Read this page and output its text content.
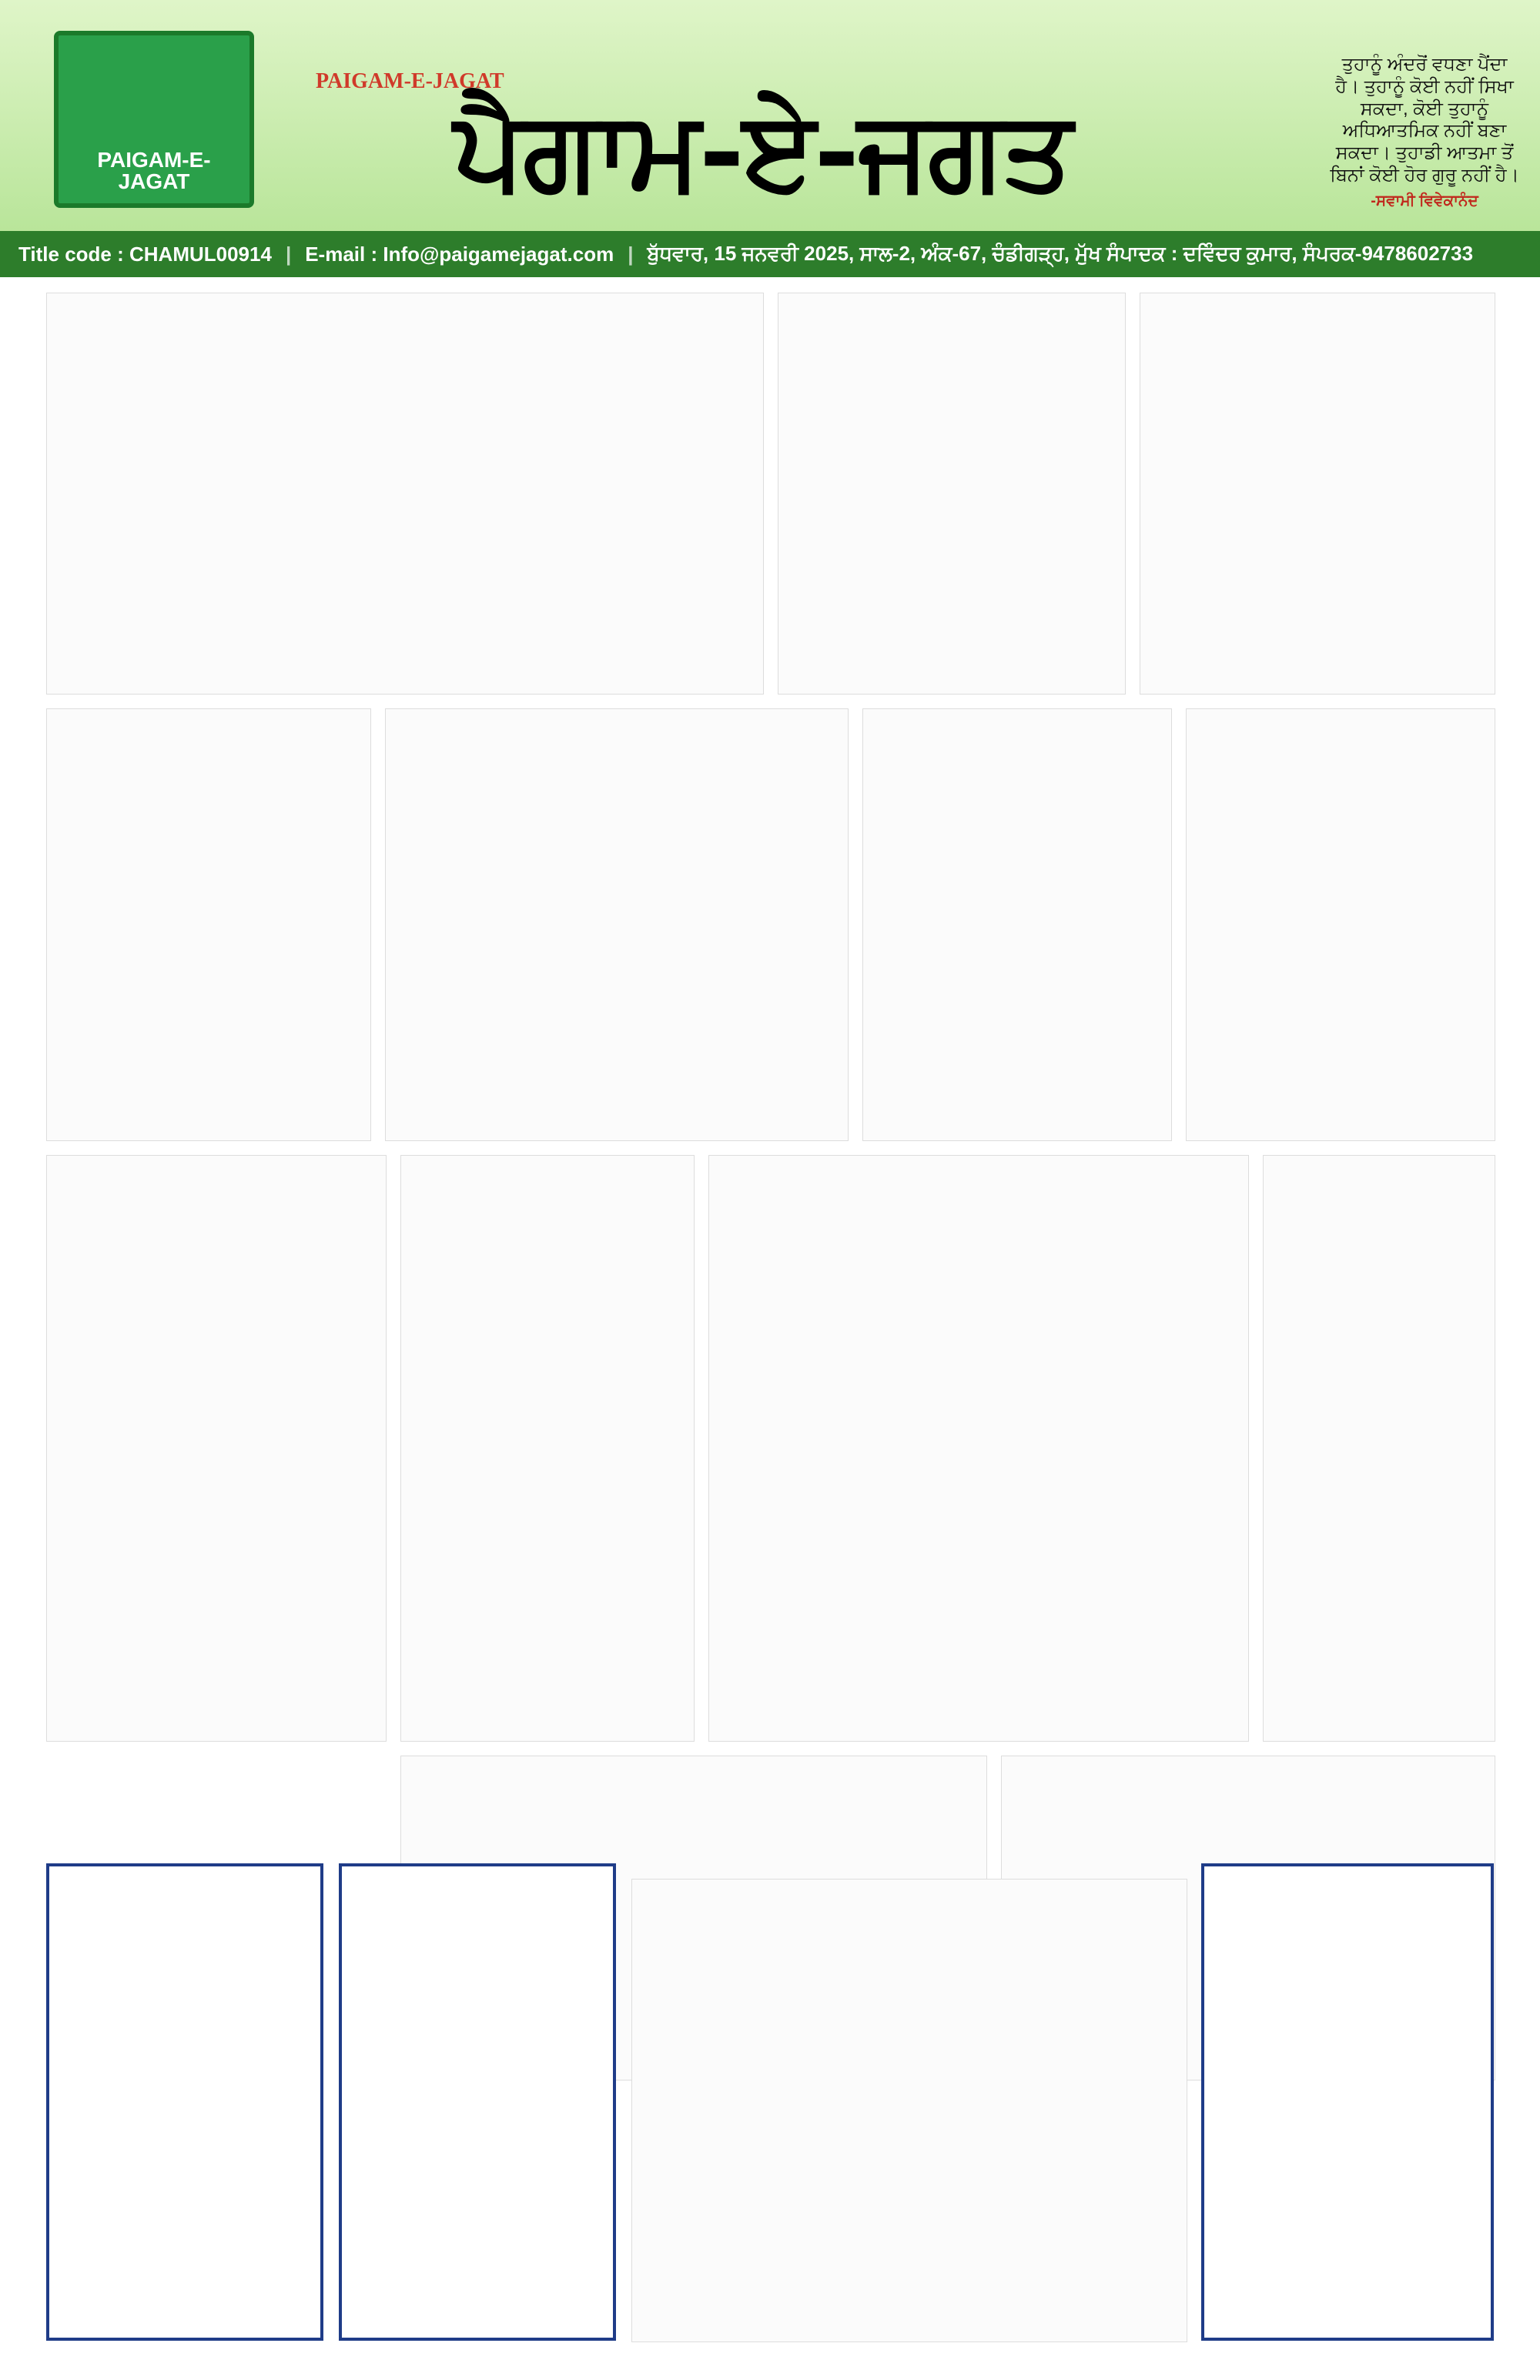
PAIGAM-E-JAGAT
PAIGAM-E-JAGAT
ਪੈਗਾਮ-ਏ-ਜਗਤ
ਤੁਹਾਨੂੰ ਅੰਦਰੋਂ ਵਧਣਾ ਪੈਂਦਾ
ਹੈ। ਤੁਹਾਨੂੰ ਕੋਈ ਨਹੀਂ ਸਿਖਾ
ਸਕਦਾ, ਕੋਈ ਤੁਹਾਨੂੰ
ਅਧਿਆਤਮਿਕ ਨਹੀਂ ਬਣਾ
ਸਕਦਾ। ਤੁਹਾਡੀ ਆਤਮਾ ਤੋਂ
ਬਿਨਾਂ ਕੋਈ ਹੋਰ ਗੁਰੂ ਨਹੀਂ ਹੈ।
-ਸਵਾਮੀ ਵਿਵੇਕਾਨੰਦ
Title code : CHAMUL00914 | E-mail : Info@paigamejagat.com | ਬੁੱਧਵਾਰ, 15 ਜਨਵਰੀ 2025, ਸਾਲ-2, ਅੰਕ-67, ਚੰਡੀਗੜ੍ਹ, ਮੁੱਖ ਸੰਪਾਦਕ : ਦਵਿੰਦਰ ਕੁਮਾਰ, ਸੰਪਰਕ-9478602733
